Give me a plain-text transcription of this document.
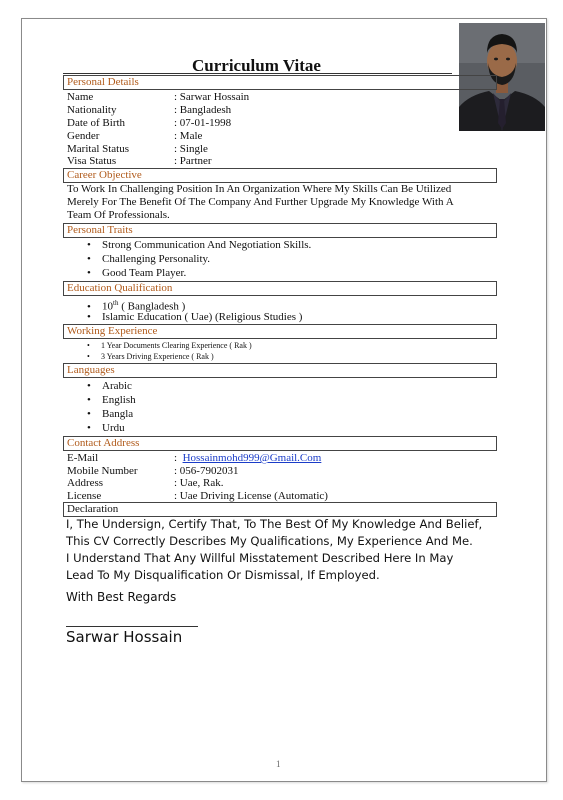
Curriculum Vitae
Personal Details
Name	: Sarwar Hossain
Nationality	: Bangladesh
Date of Birth	: 07-01-1998
Gender	: Male
Marital Status	: Single
Visa Status	: Partner
Career Objective
To Work In Challenging Position In An Organization Where My Skills Can Be Utilized
Merely For The Benefit Of The Company And Further Upgrade My Knowledge With A
Team Of Professionals.
Personal Traits
• Strong Communication And Negotiation Skills.
• Challenging Personality.
• Good Team Player.
Education Qualification
• 10th ( Bangladesh )
• Islamic Education ( Uae) (Religious Studies )
Working Experience
• 1 Year Documents Clearing Experience ( Rak )
• 3 Years Driving Experience ( Rak )
Languages
• Arabic
• English
• Bangla
• Urdu
Contact Address
E-Mail	:  Hossainmohd999@Gmail.Com
Mobile Number	: 056-7902031
Address	: Uae, Rak.
License	: Uae Driving License (Automatic)
Declaration
I, The Undersign, Certify That, To The Best Of My Knowledge And Belief,
This CV Correctly Describes My Qualifications, My Experience And Me.
I Understand That Any Willful Misstatement Described Here In May
Lead To My Disqualification Or Dismissal, If Employed.
With Best Regards
Sarwar Hossain
1
